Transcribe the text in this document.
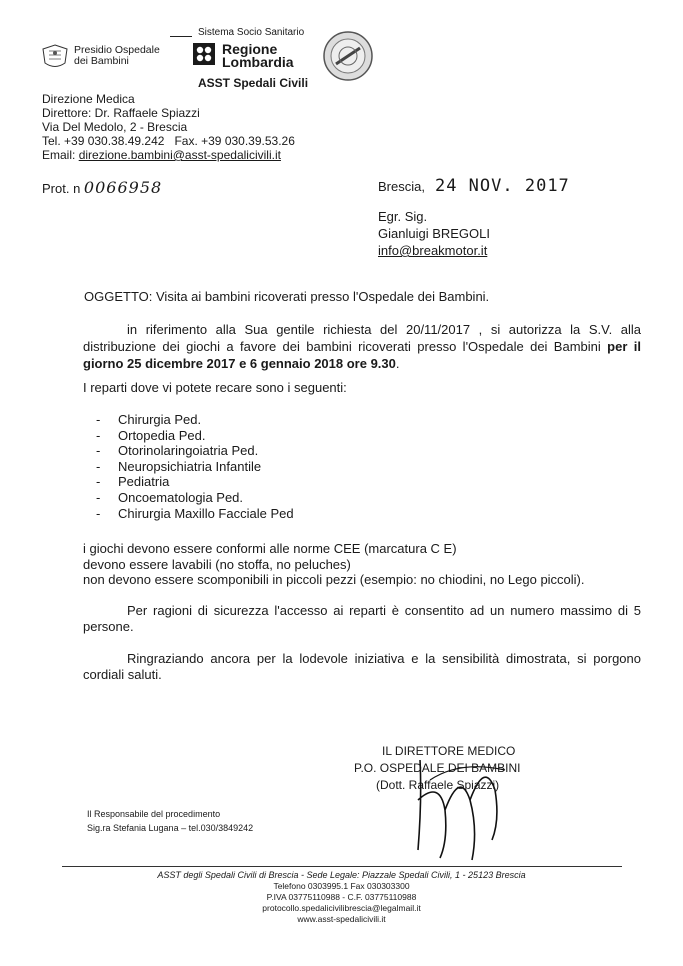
Sistema Socio Sanitario
Presidio Ospedale
dei Bambini
Regione
Lombardia
ASST Spedali Civili
Direzione Medica
Direttore: Dr. Raffaele Spiazzi
Via Del Medolo, 2 - Brescia
Tel. +39 030.38.49.242 Fax. +39 030.39.53.26
Email: direzione.bambini@asst-spedalicivili.it
Prot. n 0066958	Brescia, 24 NOV. 2017
Egr. Sig.
Gianluigi BREGOLI
info@breakmotor.it
OGGETTO: Visita ai bambini ricoverati presso l'Ospedale dei Bambini.
in riferimento alla Sua gentile richiesta del 20/11/2017 , si autorizza la S.V. alla distribuzione dei giochi a favore dei bambini ricoverati presso l'Ospedale dei Bambini per il giorno 25 dicembre 2017 e 6 gennaio 2018 ore 9.30.
I reparti dove vi potete recare sono i seguenti:
- Chirurgia Ped.
- Ortopedia Ped.
- Otorinolaringoiatria Ped.
- Neuropsichiatria Infantile
- Pediatria
- Oncoematologia Ped.
- Chirurgia Maxillo Facciale Ped
i giochi devono essere conformi alle norme CEE (marcatura C E)
devono essere lavabili (no stoffa, no peluches)
non devono essere scomponibili in piccoli pezzi (esempio: no chiodini, no Lego piccoli).
Per ragioni di sicurezza l'accesso ai reparti è consentito ad un numero massimo di 5 persone.
Ringraziando ancora per la lodevole iniziativa e la sensibilità dimostrata, si porgono cordiali saluti.
IL DIRETTORE MEDICO
P.O. OSPEDALE DEI BAMBINI
(Dott. Raffaele Spiazzi)
Il Responsabile del procedimento
Sig.ra Stefania Lugana – tel.030/3849242
ASST degli Spedali Civili di Brescia - Sede Legale: Piazzale Spedali Civili, 1 - 25123 Brescia
Telefono 0303995.1 Fax 030303300
P.IVA 03775110988 - C.F. 03775110988
protocollo.spedalicivilibrescia@legalmail.it
www.asst-spedalicivili.it
